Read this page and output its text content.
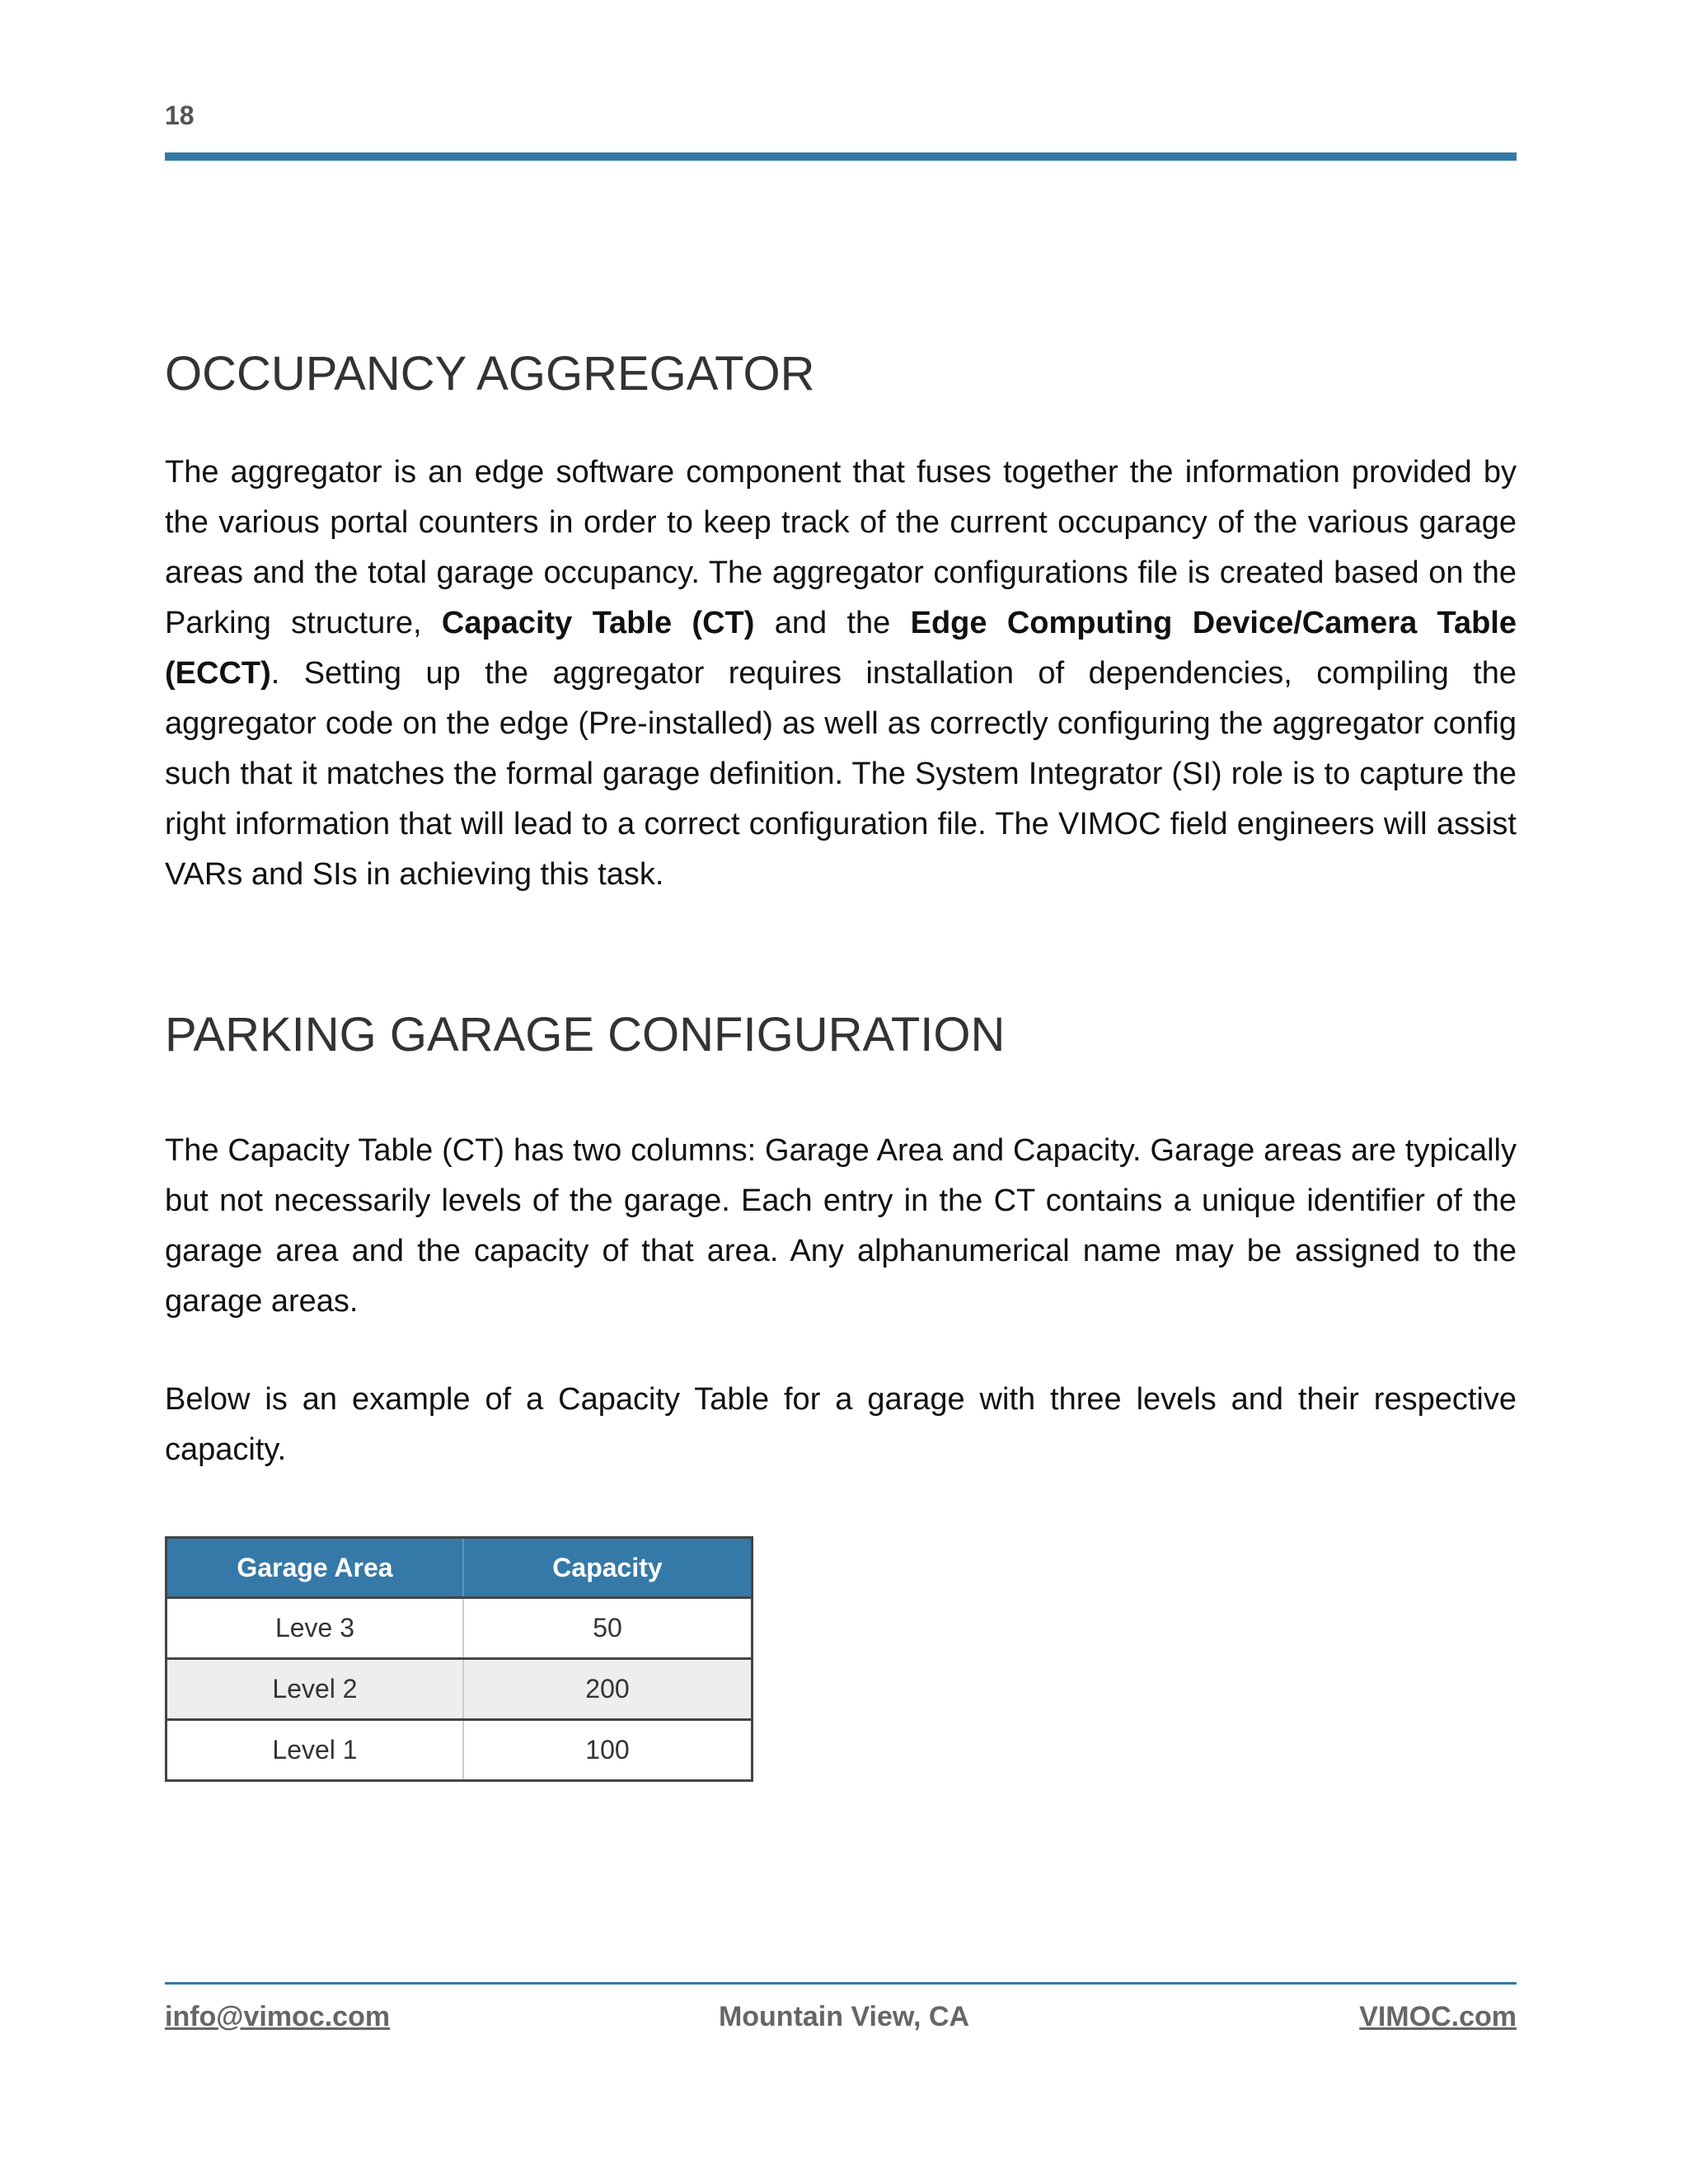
18
OCCUPANCY AGGREGATOR

The aggregator is an edge software component that fuses together the information provided by the various portal counters in order to keep track of the current occupancy of the various garage areas and the total garage occupancy. The aggregator configurations file is created based on the Parking structure, Capacity Table (CT) and the Edge Computing Device/Camera Table (ECCT). Setting up the aggregator requires installation of dependencies, compiling the aggregator code on the edge (Pre-installed) as well as correctly configuring the aggregator config such that it matches the formal garage definition. The System Integrator (SI) role is to capture the right information that will lead to a correct configuration file. The VIMOC field engineers will assist VARs and SIs in achieving this task.

PARKING GARAGE CONFIGURATION

The Capacity Table (CT) has two columns: Garage Area and Capacity. Garage areas are typically but not necessarily levels of the garage. Each entry in the CT contains a unique identifier of the garage area and the capacity of that area. Any alphanumerical name may be assigned to the garage areas.

Below is an example of a Capacity Table for a garage with three levels and their respective capacity.

Garage Area	Capacity
Leve 3	50
Level 2	200
Level 1	100
Mountain View, CA
info@vimoc.com	VIMOC.com
